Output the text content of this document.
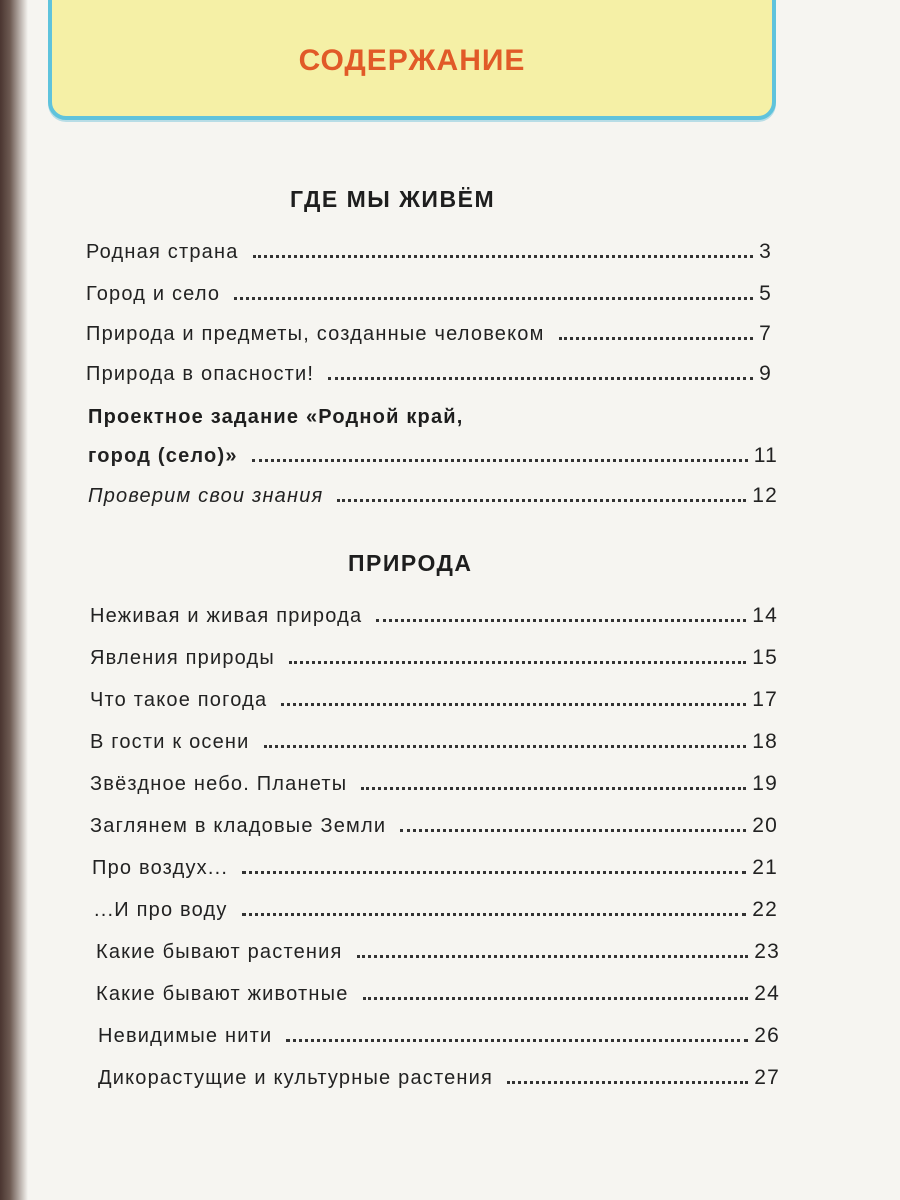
СОДЕРЖАНИЕ
ГДЕ МЫ ЖИВЁМ
Родная страна	3
Город и село	5
Природа и предметы, созданные человеком	7
Природа в опасности!	9
Проектное задание «Родной край,
город (село)»	11
Проверим свои знания	12
ПРИРОДА
Неживая и живая природа	14
Явления природы	15
Что такое погода	17
В гости к осени	18
Звёздное небо. Планеты	19
Заглянем в кладовые Земли	20
Про воздух...	21
...И про воду	22
Какие бывают растения	23
Какие бывают животные	24
Невидимые нити	26
Дикорастущие и культурные растения	27
